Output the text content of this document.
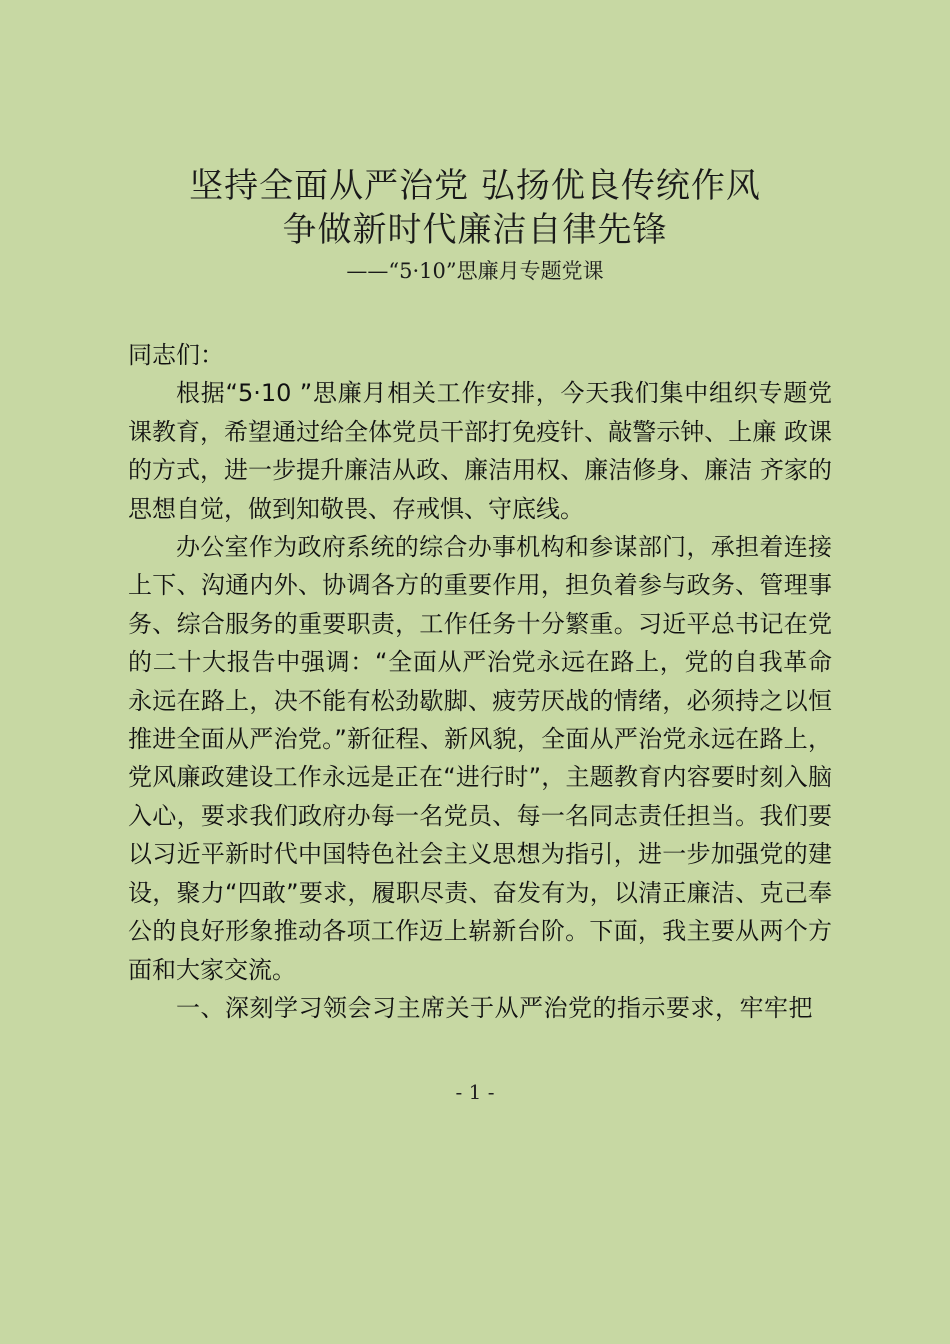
坚持全面从严治党 弘扬优良传统作风
争做新时代廉洁自律先锋
——“5·10”思廉月专题党课

同志们：

根据“5·10 ”思廉月相关工作安排，今天我们集中组织专题党课教育，希望通过给全体党员干部打免疫针、敲警示钟、上廉 政课的方式，进一步提升廉洁从政、廉洁用权、廉洁修身、廉洁 齐家的思想自觉，做到知敬畏、存戒惧、守底线。

办公室作为政府系统的综合办事机构和参谋部门，承担着连接上下、沟通内外、协调各方的重要作用，担负着参与政务、管理事务、综合服务的重要职责，工作任务十分繁重。习近平总书记在党的二十大报告中强调：“全面从严治党永远在路上，党的自我革命永远在路上，决不能有松劲歇脚、疲劳厌战的情绪，必须持之以恒推进全面从严治党。”新征程、新风貌，全面从严治党永远在路上，党风廉政建设工作永远是正在“进行时”，主题教育内容要时刻入脑入心，要求我们政府办每一名党员、每一名同志责任担当。我们要以习近平新时代中国特色社会主义思想为指引，进一步加强党的建设，聚力“四敢”要求，履职尽责、奋发有为，以清正廉洁、克己奉公的良好形象推动各项工作迈上崭新台阶。下面，我主要从两个方面和大家交流。

一、深刻学习领会习主席关于从严治党的指示要求，牢牢把

- 1 -
